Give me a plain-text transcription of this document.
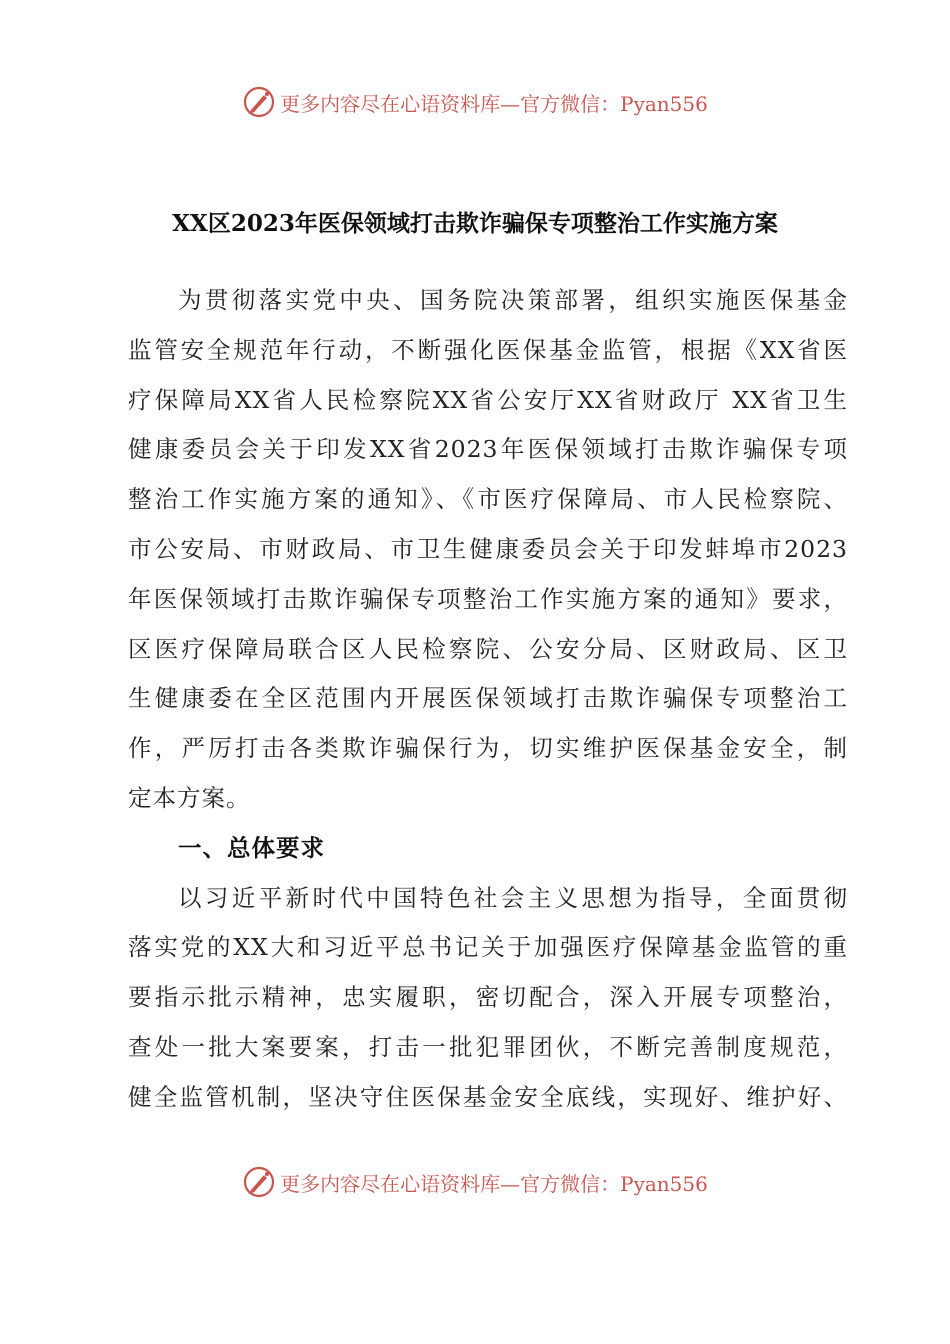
更多内容尽在心语资料库—官方微信：Pyan556
XX区2023年医保领域打击欺诈骗保专项整治工作实施方案
为贯彻落实党中央、国务院决策部署，组织实施医保基金
监管安全规范年行动，不断强化医保基金监管，根据《XX省医
疗保障局XX省人民检察院XX省公安厅XX省财政厅 XX省卫生
健康委员会关于印发XX省2023年医保领域打击欺诈骗保专项
整治工作实施方案的通知》、《市医疗保障局、市人民检察院、
市公安局、市财政局、市卫生健康委员会关于印发蚌埠市2023
年医保领域打击欺诈骗保专项整治工作实施方案的通知》要求，
区医疗保障局联合区人民检察院、公安分局、区财政局、区卫
生健康委在全区范围内开展医保领域打击欺诈骗保专项整治工
作，严厉打击各类欺诈骗保行为，切实维护医保基金安全，制
定本方案。
一、总体要求
以习近平新时代中国特色社会主义思想为指导，全面贯彻
落实党的XX大和习近平总书记关于加强医疗保障基金监管的重
要指示批示精神，忠实履职，密切配合，深入开展专项整治，
查处一批大案要案，打击一批犯罪团伙，不断完善制度规范，
健全监管机制，坚决守住医保基金安全底线，实现好、维护好、
更多内容尽在心语资料库—官方微信：Pyan556
